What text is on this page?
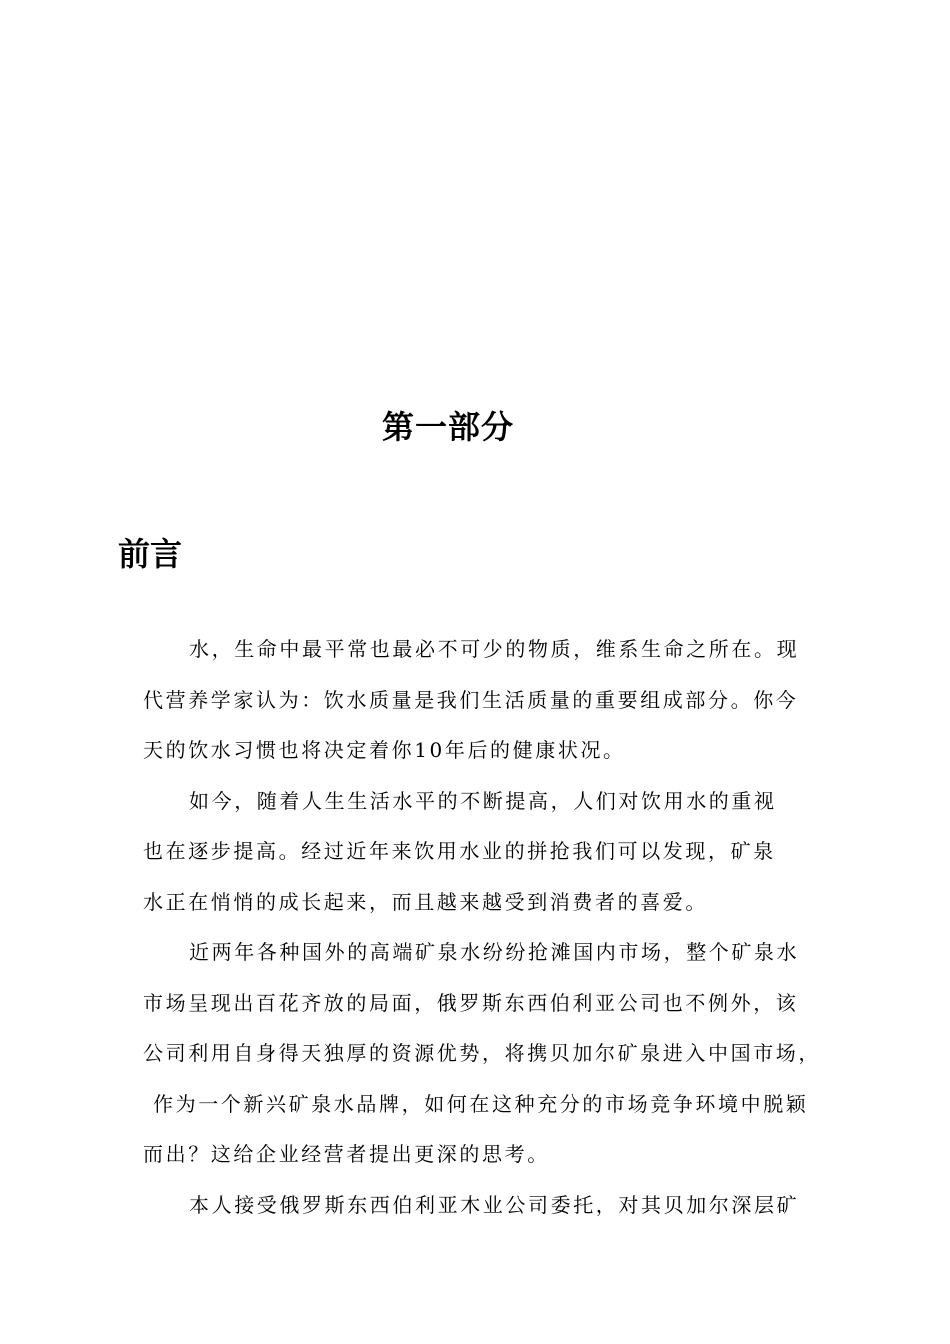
第一部分
前言
水，生命中最平常也最必不可少的物质，维系生命之所在。现
代营养学家认为：饮水质量是我们生活质量的重要组成部分。你今
天的饮水习惯也将决定着你10年后的健康状况。
如今，随着人生生活水平的不断提高，人们对饮用水的重视
也在逐步提高。经过近年来饮用水业的拼抢我们可以发现，矿泉
水正在悄悄的成长起来，而且越来越受到消费者的喜爱。
近两年各种国外的高端矿泉水纷纷抢滩国内市场，整个矿泉水
市场呈现出百花齐放的局面，俄罗斯东西伯利亚公司也不例外，该
公司利用自身得天独厚的资源优势，将携贝加尔矿泉进入中国市场，
作为一个新兴矿泉水品牌，如何在这种充分的市场竞争环境中脱颖
而出？这给企业经营者提出更深的思考。
本人接受俄罗斯东西伯利亚木业公司委托，对其贝加尔深层矿
